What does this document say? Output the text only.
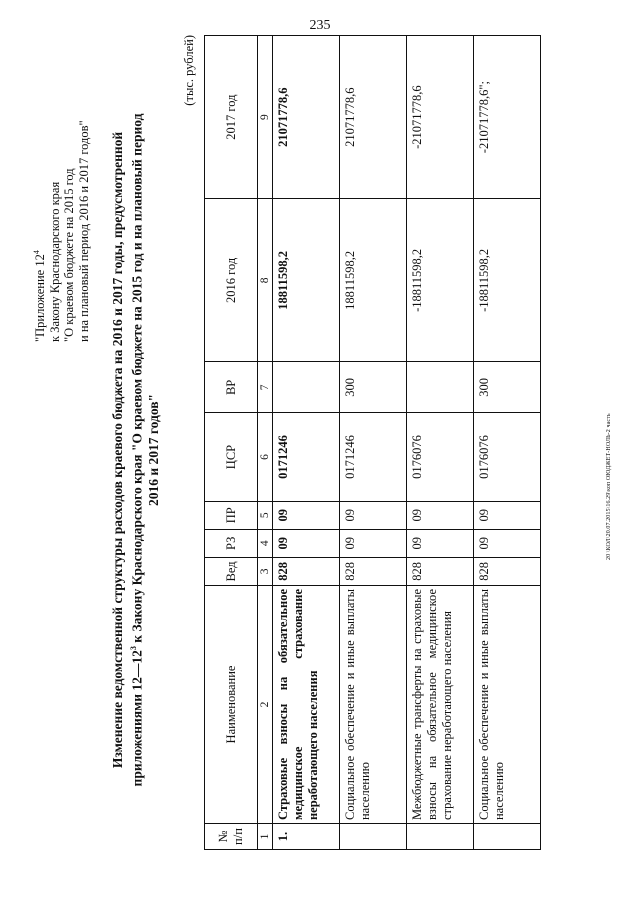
235
20 \КОЛ\20.07.2015\16.29\коп ОЮДЖЕТ-НОЛЬ-2 часть
"Приложение $12^4$ к Закону Краснодарского края "О краевом бюджете на 2015 год и на плановый период 2016 и 2017 годов" Изменение ведомственной структуры расходов краевого бюджета на 2016 и 2017 годы, предусмотренной приложениями $12—12^3$ к Закону Краснодарского края "О краевом бюджете на 2015 год и на плановый период 2016 и 2017 годов"
(тыс. рублей)
№ п/п	Наименование	Вед	РЗ	ПР	ЦСР	ВР	2016 год	2017 год
1	2	3	4	5	6	7	8	9
1.	Страховые взносы на обязательное медицинское страхование неработающего населения	828	09	09	0171246		18811598,2	21071778,6
	Социальное обеспечение и иные выплаты населению	828	09	09	0171246	300	18811598,2	21071778,6
	Межбюджетные трансферты на страховые взносы на обязательное медицинское страхование неработающего населения	828	09	09	0176076		-18811598,2	-21071778,6
	Социальное обеспечение и иные выплаты населению	828	09	09	0176076	300	-18811598,2	-21071778,6";
